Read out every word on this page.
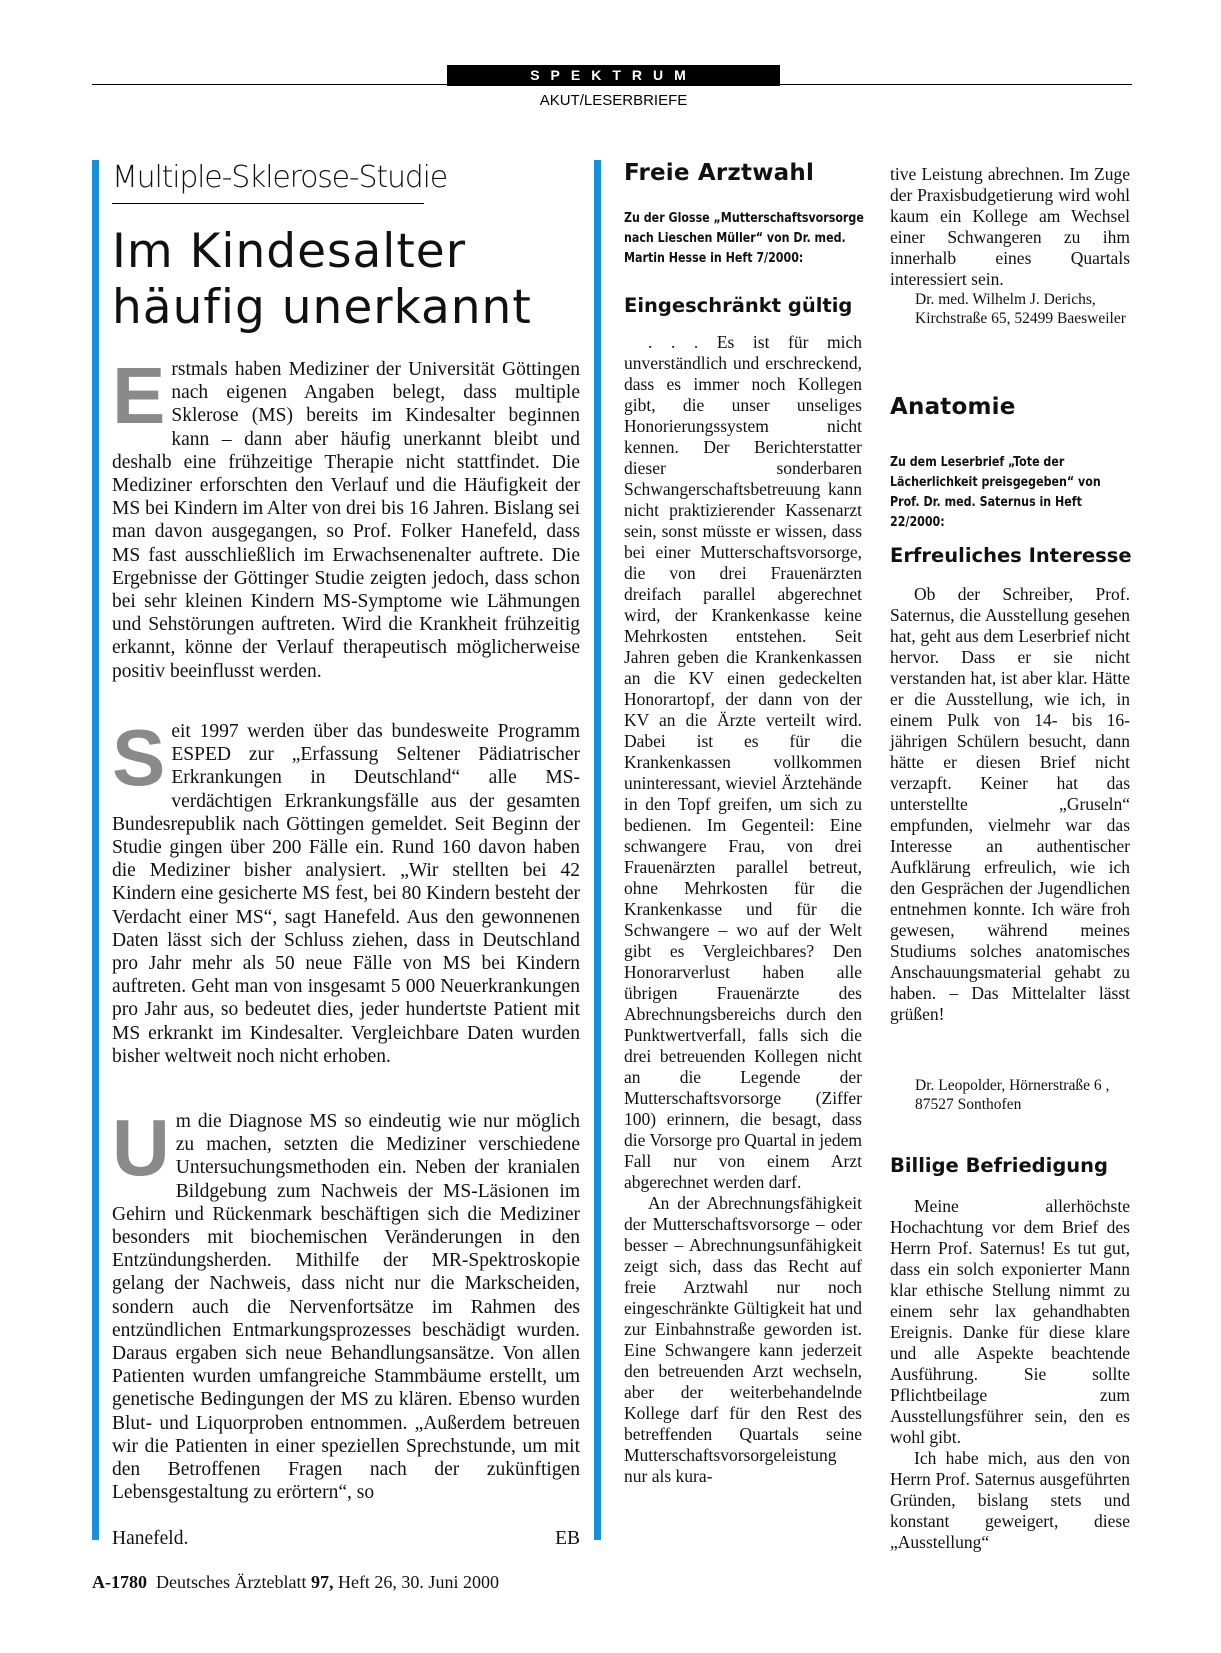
SPEKTRUM
AKUT/LESERBRIEFE
Multiple-Sklerose-Studie
Im Kindesalter
häufig unerkannt

Erstmals haben Mediziner der Universität Göttingen nach eigenen Angaben belegt, dass multiple Sklerose (MS) bereits im Kindesalter beginnen kann – dann aber häufig unerkannt bleibt und deshalb eine frühzeitige Therapie nicht stattfindet. Die Mediziner erforschten den Verlauf und die Häufigkeit der MS bei Kindern im Alter von drei bis 16 Jahren. Bislang sei man davon ausgegangen, so Prof. Folker Hanefeld, dass MS fast ausschließlich im Erwachsenenalter auftrete. Die Ergebnisse der Göttinger Studie zeigten jedoch, dass schon bei sehr kleinen Kindern MS-Symptome wie Lähmungen und Sehstörungen auftreten. Wird die Krankheit frühzeitig erkannt, könne der Verlauf therapeutisch möglicherweise positiv beeinflusst werden.

Seit 1997 werden über das bundesweite Programm ESPED zur „Erfassung Seltener Pädiatrischer Erkrankungen in Deutschland“ alle MS-verdächtigen Erkrankungsfälle aus der gesamten Bundesrepublik nach Göttingen gemeldet. Seit Beginn der Studie gingen über 200 Fälle ein. Rund 160 davon haben die Mediziner bisher analysiert. „Wir stellten bei 42 Kindern eine gesicherte MS fest, bei 80 Kindern besteht der Verdacht einer MS“, sagt Hanefeld. Aus den gewonnenen Daten lässt sich der Schluss ziehen, dass in Deutschland pro Jahr mehr als 50 neue Fälle von MS bei Kindern auftreten. Geht man von insgesamt 5 000 Neuerkrankungen pro Jahr aus, so bedeutet dies, jeder hundertste Patient mit MS erkrankt im Kindesalter. Vergleichbare Daten wurden bisher weltweit noch nicht erhoben.

Um die Diagnose MS so eindeutig wie nur möglich zu machen, setzten die Mediziner verschiedene Untersuchungsmethoden ein. Neben der kranialen Bildgebung zum Nachweis der MS-Läsionen im Gehirn und Rückenmark beschäftigen sich die Mediziner besonders mit biochemischen Veränderungen in den Entzündungsherden. Mithilfe der MR-Spektroskopie gelang der Nachweis, dass nicht nur die Markscheiden, sondern auch die Nervenfortsätze im Rahmen des entzündlichen Entmarkungsprozesses beschädigt wurden. Daraus ergaben sich neue Behandlungsansätze. Von allen Patienten wurden umfangreiche Stammbäume erstellt, um genetische Bedingungen der MS zu klären. Ebenso wurden Blut- und Liquorproben entnommen. „Außerdem betreuen wir die Patienten in einer speziellen Sprechstunde, um mit den Betroffenen Fragen nach der zukünftigen Lebensgestaltung zu erörtern“, so

Hanefeld.	EB
Freie Arztwahl
Zu der Glosse „Mutterschaftsvorsorge nach Lieschen Müller“ von Dr. med. Martin Hesse in Heft 7/2000:
Eingeschränkt gültig

. . . Es ist für mich unverständlich und erschreckend, dass es immer noch Kollegen gibt, die unser unseliges Honorierungssystem nicht kennen. Der Berichterstatter dieser sonderbaren Schwangerschaftsbetreuung kann nicht praktizierender Kassenarzt sein, sonst müsste er wissen, dass bei einer Mutterschaftsvorsorge, die von drei Frauenärzten dreifach parallel abgerechnet wird, der Krankenkasse keine Mehrkosten entstehen. Seit Jahren geben die Krankenkassen an die KV einen gedeckelten Honorartopf, der dann von der KV an die Ärzte verteilt wird. Dabei ist es für die Krankenkassen vollkommen uninteressant, wieviel Ärztehände in den Topf greifen, um sich zu bedienen. Im Gegenteil: Eine schwangere Frau, von drei Frauenärzten parallel betreut, ohne Mehrkosten für die Krankenkasse und für die Schwangere – wo auf der Welt gibt es Vergleichbares? Den Honorarverlust haben alle übrigen Frauenärzte des Abrechnungsbereichs durch den Punktwertverfall, falls sich die drei betreuenden Kollegen nicht an die Legende der Mutterschaftsvorsorge (Ziffer 100) erinnern, die besagt, dass die Vorsorge pro Quartal in jedem Fall nur von einem Arzt abgerechnet werden darf.

An der Abrechnungsfähigkeit der Mutterschaftsvorsorge – oder besser – Abrechnungsunfähigkeit zeigt sich, dass das Recht auf freie Arztwahl nur noch eingeschränkte Gültigkeit hat und zur Einbahnstraße geworden ist. Eine Schwangere kann jederzeit den betreuenden Arzt wechseln, aber der weiterbehandelnde Kollege darf für den Rest des betreffenden Quartals seine Mutterschaftsvorsorgeleistung nur als kura-

tive Leistung abrechnen. Im Zuge der Praxisbudgetierung wird wohl kaum ein Kollege am Wechsel einer Schwangeren zu ihm innerhalb eines Quartals interessiert sein.

Dr. med. Wilhelm J. Derichs, Kirchstraße 65, 52499 Baesweiler
Anatomie
Zu dem Leserbrief „Tote der Lächerlichkeit preisgegeben“ von Prof. Dr. med. Saternus in Heft 22/2000:
Erfreuliches Interesse

Ob der Schreiber, Prof. Saternus, die Ausstellung gesehen hat, geht aus dem Leserbrief nicht hervor. Dass er sie nicht verstanden hat, ist aber klar. Hätte er die Ausstellung, wie ich, in einem Pulk von 14- bis 16-jährigen Schülern besucht, dann hätte er diesen Brief nicht verzapft. Keiner hat das unterstellte „Gruseln“ empfunden, vielmehr war das Interesse an authentischer Aufklärung erfreulich, wie ich den Gesprächen der Jugendlichen entnehmen konnte. Ich wäre froh gewesen, während meines Studiums solches anatomisches Anschauungsmaterial gehabt zu haben. – Das Mittelalter lässt grüßen!

Dr. Leopolder, Hörnerstraße 6 , 87527 Sonthofen
Billige Befriedigung

Meine allerhöchste Hochachtung vor dem Brief des Herrn Prof. Saternus! Es tut gut, dass ein solch exponierter Mann klar ethische Stellung nimmt zu einem sehr lax gehandhabten Ereignis. Danke für diese klare und alle Aspekte beachtende Ausführung. Sie sollte Pflichtbeilage zum Ausstellungsführer sein, den es wohl gibt.

Ich habe mich, aus den von Herrn Prof. Saternus ausgeführten Gründen, bislang stets und konstant geweigert, diese „Ausstellung“

A-1780 Deutsches Ärzteblatt 97, Heft 26, 30. Juni 2000
